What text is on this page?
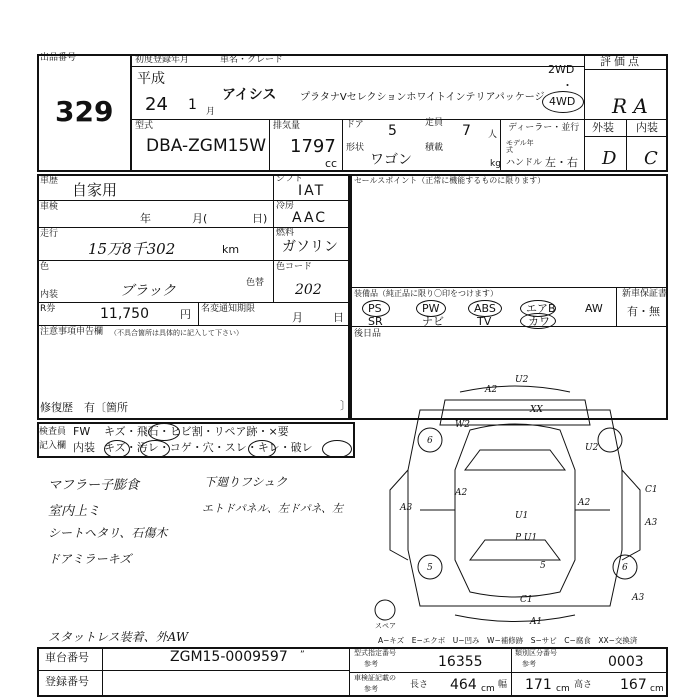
出品番号
329
初度登録年月
平成
24 1 月
車名・グレード
アイシス プラタナVセレクションホワイトインテリアパッケージ
2WD
・
4WD
型式
DBA-ZGM15W
排気量
1797
cc
ドア 5	定員 7 人
ディーラー・並行
形状
ワゴン
積載
kg
モデル年式
ハンドル 左・右
評価点
R A
外装 内装
D C
車歴 自家用
車検
年	月(	日)
走行
15万8千302	km
色
ブラック	色替
内装
R券	11,750	円 名変通知期限
月	日
シフト
IAT
冷房
AAC
燃料
ガソリン
色コード
202
注意事項申告欄 （不具合箇所は具体的に記入して下さい）
修復歴　有〔箇所	〕
セールスポイント（正常に機能するものに限ります）
装備品（純正品に限り〇印をつけます）
PS	PW	ABS	エアB	AW
SR	ナビ	TV	カワ
新車保証書
有・無
後日品
検査員
記入欄
FW キズ・飛石・ヒビ割・リペア跡・×要
内装 キズ・汚レ・コゲ・穴・スレ・キレ・破レ
マフラー子膨食
室内上ミ
シートヘタリ、石傷木
ドアミラーキズ
下廻りフシュク
エトドパネル、左ドパネ、左
スタットレス装着、外AW
U2
A2
W2
XX
6
A3
A2
U1
U2
C1
A3
A2
P U1
5	5
C1
A1
6
A3
スペア
A−キズ　E−エクボ　U−凹み　W−補修跡　S−サビ　C−腐食　XX−交換済
車台番号	ZGM15-0009597 ”
登録番号
型式指定番号
参考	16355
類別区分番号
参考	0003
車検証記載の
参考	長さ 464 cm 幅 171 cm 高さ 167 cm
